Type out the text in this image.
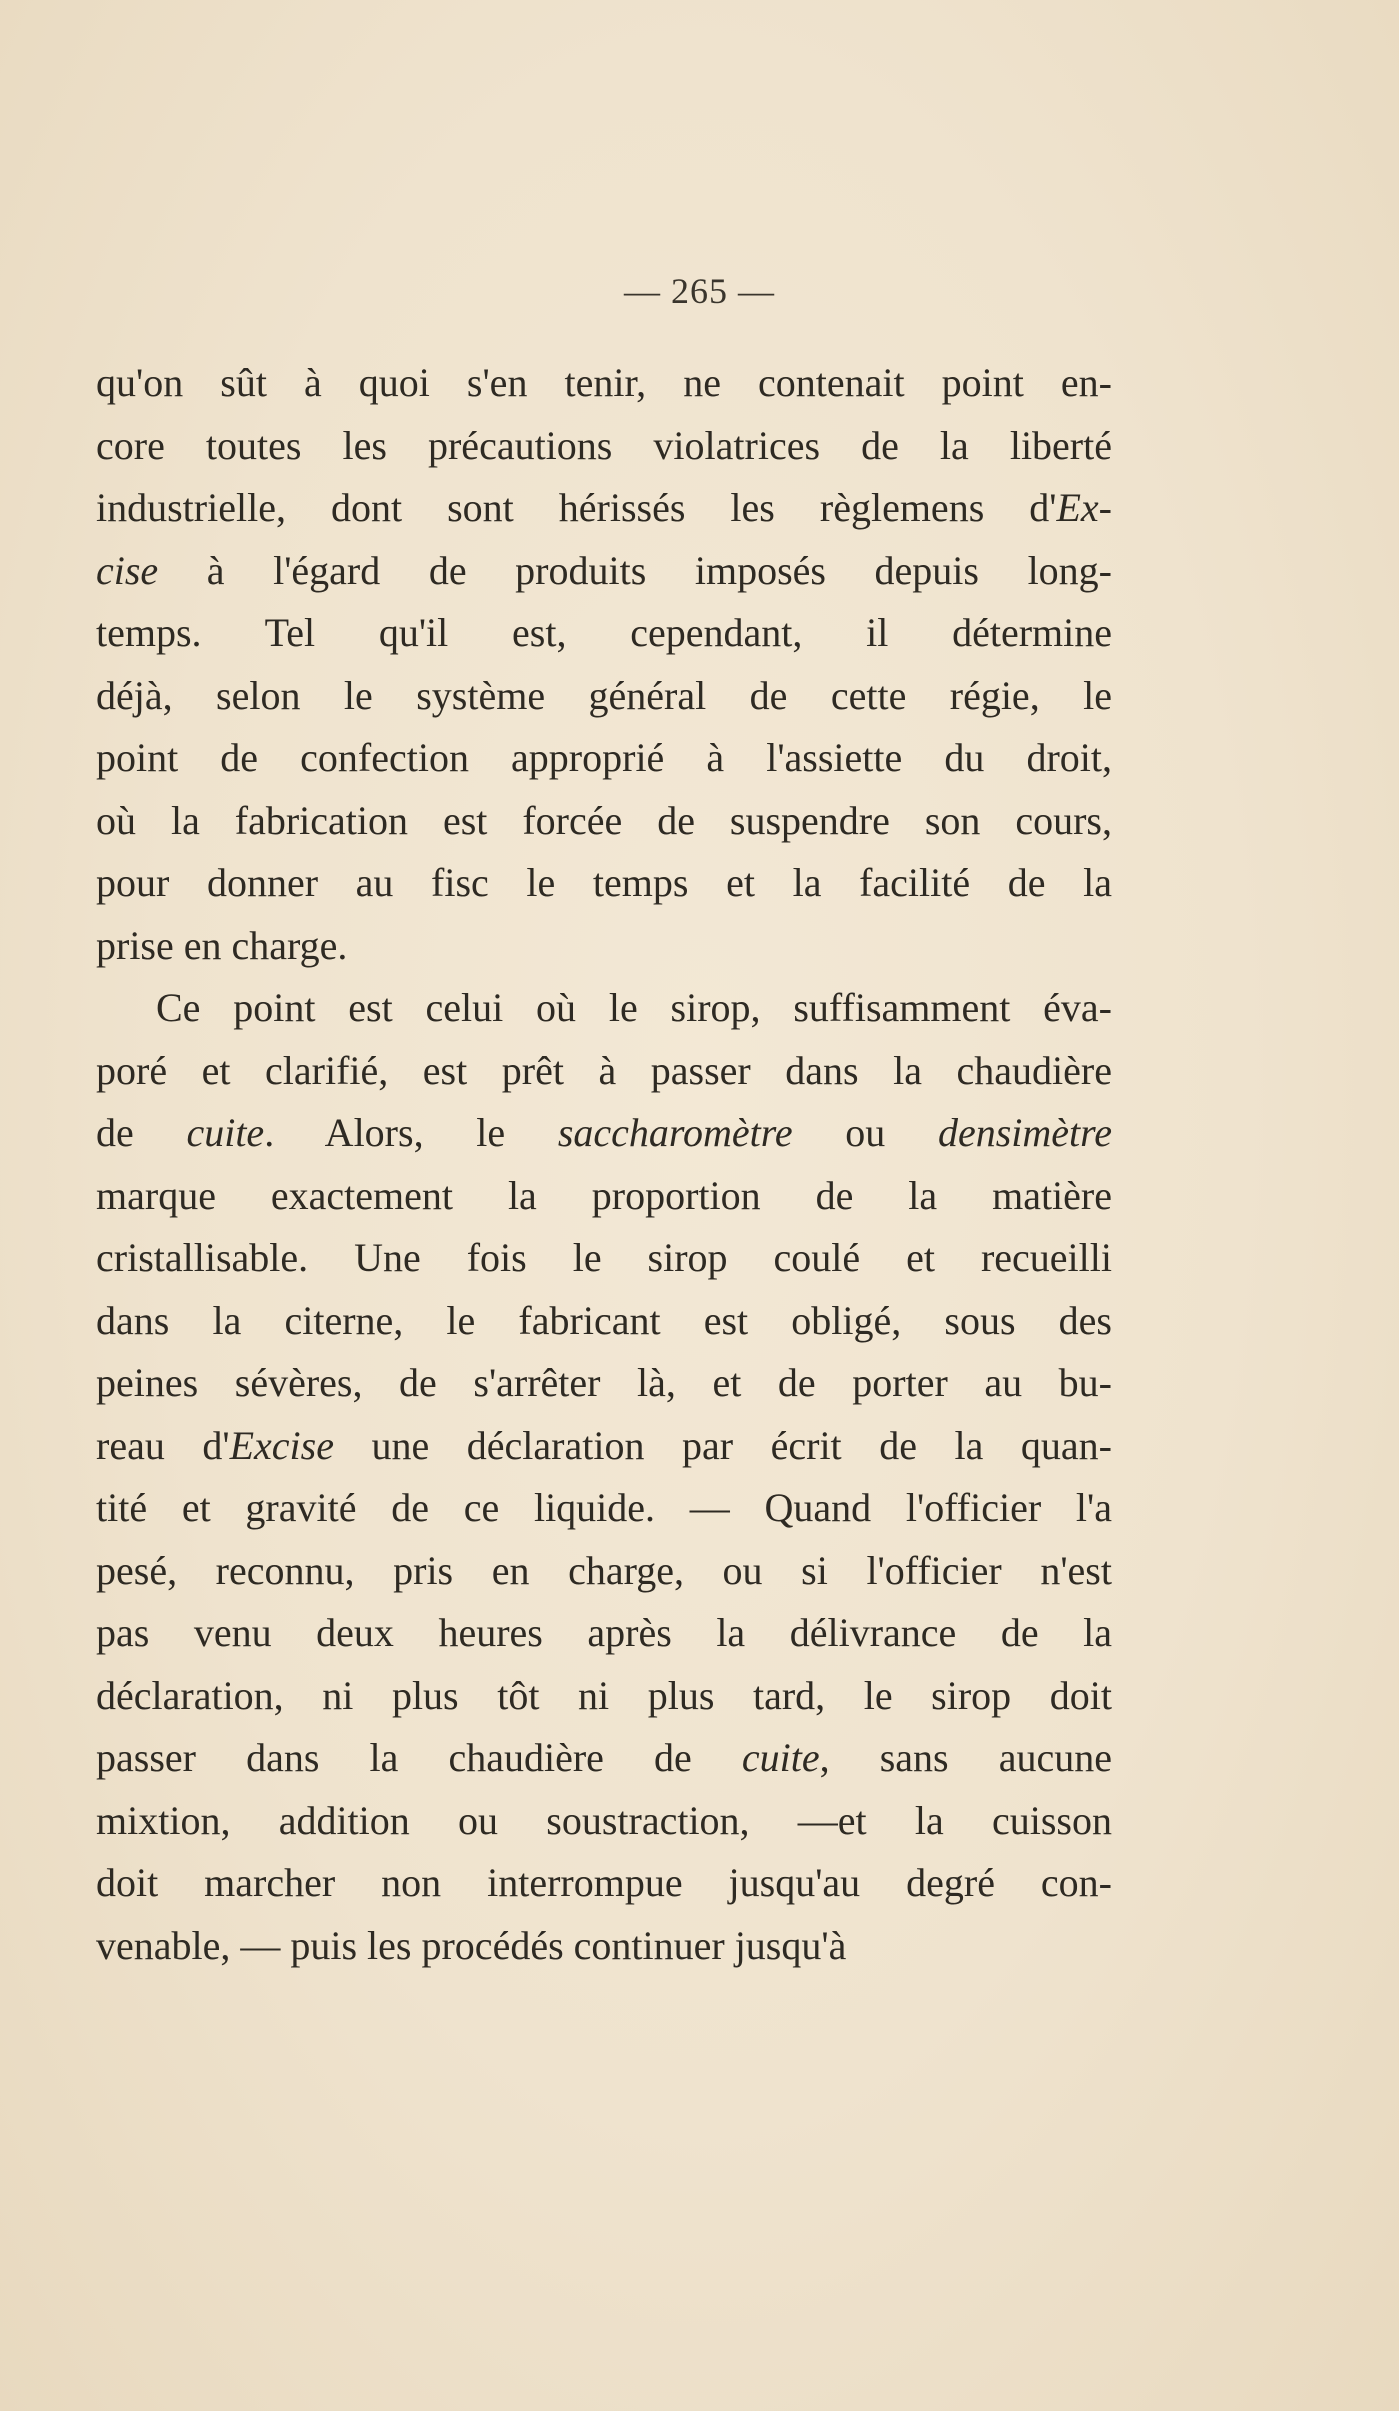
— 265 —
qu'on sût à quoi s'en tenir, ne contenait point en-
core toutes les précautions violatrices de la liberté
industrielle, dont sont hérissés les règlemens d'Ex-
cise à l'égard de produits imposés depuis long-
temps. Tel qu'il est, cependant, il détermine
déjà, selon le système général de cette régie, le
point de confection approprié à l'assiette du droit,
où la fabrication est forcée de suspendre son cours,
pour donner au fisc le temps et la facilité de la
prise en charge.
Ce point est celui où le sirop, suffisamment éva-
poré et clarifié, est prêt à passer dans la chaudière
de cuite. Alors, le saccharomètre ou densimètre
marque exactement la proportion de la matière
cristallisable. Une fois le sirop coulé et recueilli
dans la citerne, le fabricant est obligé, sous des
peines sévères, de s'arrêter là, et de porter au bu-
reau d'Excise une déclaration par écrit de la quan-
tité et gravité de ce liquide. — Quand l'officier l'a
pesé, reconnu, pris en charge, ou si l'officier n'est
pas venu deux heures après la délivrance de la
déclaration, ni plus tôt ni plus tard, le sirop doit
passer dans la chaudière de cuite, sans aucune
mixtion, addition ou soustraction, —et la cuisson
doit marcher non interrompue jusqu'au degré con-
venable, — puis les procédés continuer jusqu'à
